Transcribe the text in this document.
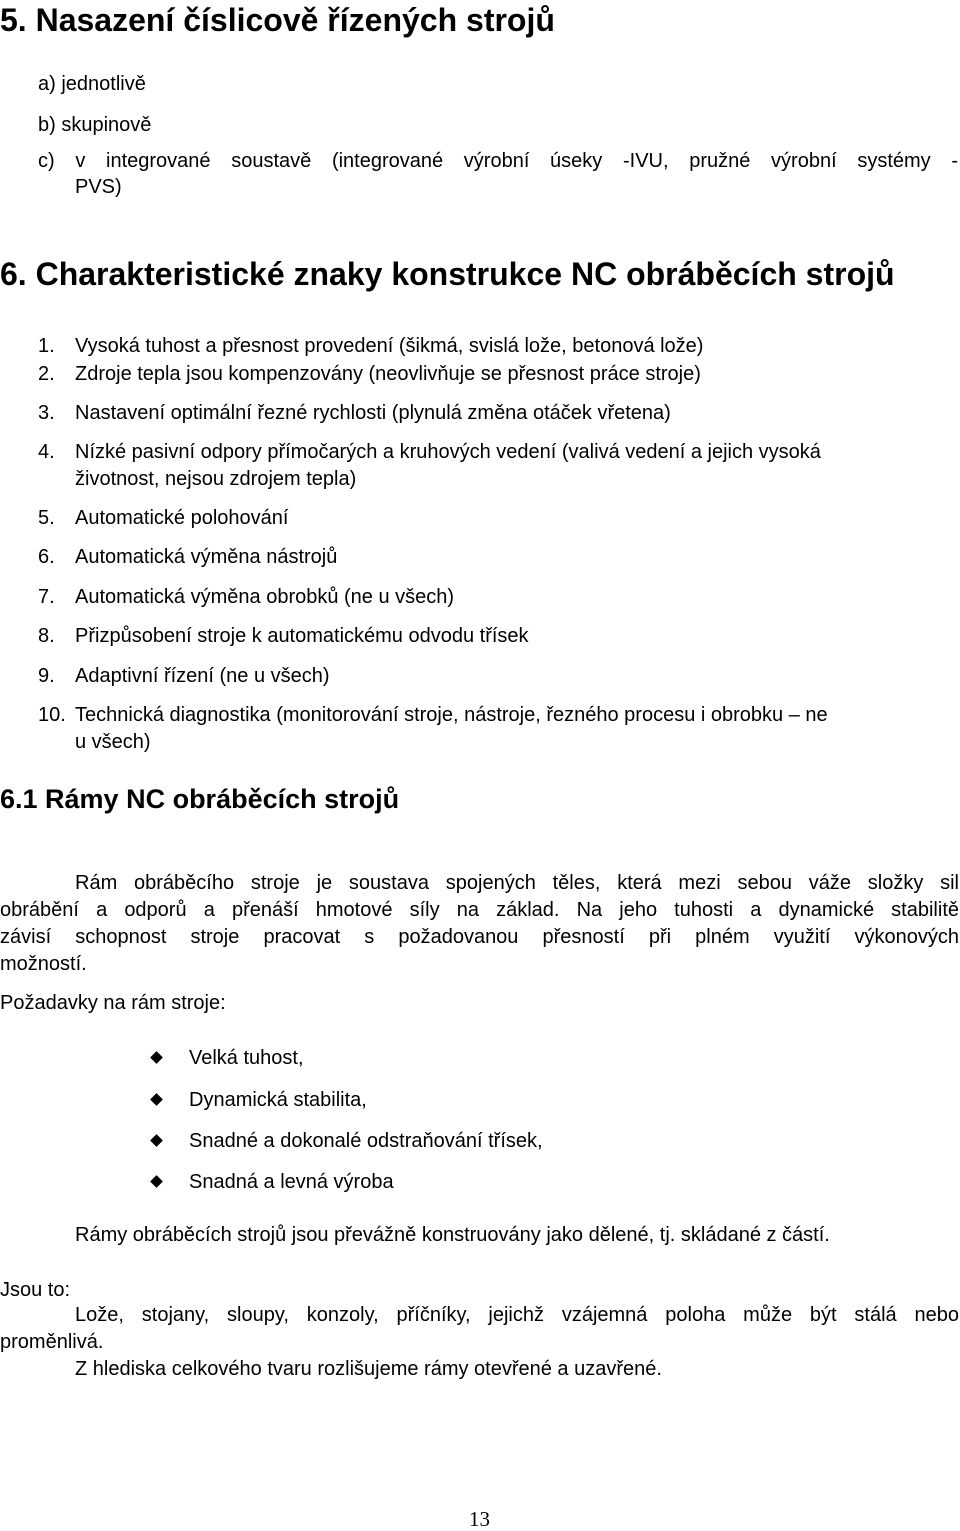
5. Nasazení číslicově řízených strojů
a) jednotlivě
b) skupinově
c) v integrované soustavě (integrované výrobní úseky -IVU, pružné výrobní systémy -
PVS)
6. Charakteristické znaky konstrukce NC obráběcích strojů
1. Vysoká tuhost a přesnost provedení (šikmá, svislá lože, betonová lože)
2. Zdroje tepla jsou kompenzovány (neovlivňuje se přesnost práce stroje)
3. Nastavení optimální řezné rychlosti (plynulá změna otáček vřetena)
4. Nízké pasivní odpory přímočarých a kruhových vedení (valivá vedení a jejich vysoká
životnost, nejsou zdrojem tepla)
5. Automatické polohování
6. Automatická výměna nástrojů
7. Automatická výměna obrobků (ne u všech)
8. Přizpůsobení stroje k automatickému odvodu třísek
9. Adaptivní řízení (ne u všech)
10. Technická diagnostika (monitorování stroje, nástroje, řezného procesu i obrobku – ne
u všech)
6.1 Rámy NC obráběcích strojů
Rám obráběcího stroje je soustava spojených těles, která mezi sebou váže složky sil
obrábění a odporů a přenáší hmotové síly na základ. Na jeho tuhosti a dynamické stabilitě
závisí schopnost stroje pracovat s požadovanou přesností při plném využití výkonových
možností.
Požadavky na rám stroje:
Velká tuhost,
Dynamická stabilita,
Snadné a dokonalé odstraňování třísek,
Snadná a levná výroba
Rámy obráběcích strojů jsou převážně konstruovány jako dělené, tj. skládané z částí.
Jsou to:
Lože, stojany, sloupy, konzoly, příčníky, jejichž vzájemná poloha může být stálá nebo
proměnlivá.
Z hlediska celkového tvaru rozlišujeme rámy otevřené a uzavřené.
13
